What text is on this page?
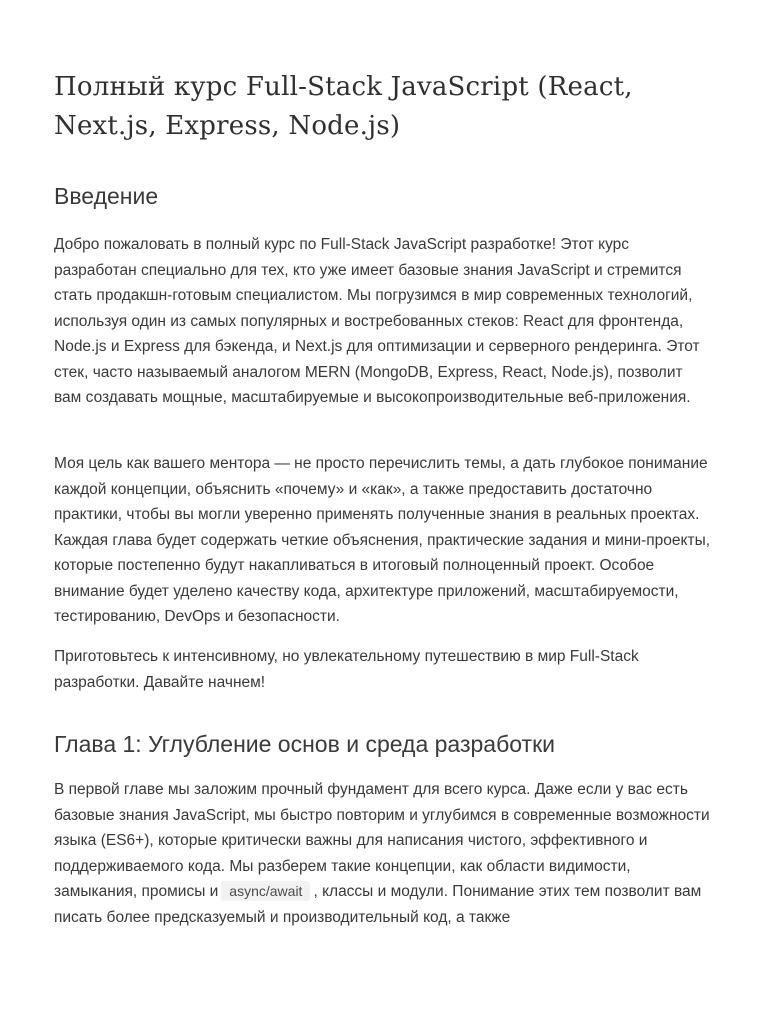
Полный курс Full-Stack JavaScript (React, Next.js, Express, Node.js)
Введение

Добро пожаловать в полный курс по Full-Stack JavaScript разработке! Этот курс разработан специально для тех, кто уже имеет базовые знания JavaScript и стремится стать продакшн-готовым специалистом. Мы погрузимся в мир современных технологий, используя один из самых популярных и востребованных стеков: React для фронтенда, Node.js и Express для бэкенда, и Next.js для оптимизации и серверного рендеринга. Этот стек, часто называемый аналогом MERN (MongoDB, Express, React, Node.js), позволит вам создавать мощные, масштабируемые и высокопроизводительные веб-приложения.

Моя цель как вашего ментора — не просто перечислить темы, а дать глубокое понимание каждой концепции, объяснить «почему» и «как», а также предоставить достаточно практики, чтобы вы могли уверенно применять полученные знания в реальных проектах. Каждая глава будет содержать четкие объяснения, практические задания и мини-проекты, которые постепенно будут накапливаться в итоговый полноценный проект. Особое внимание будет уделено качеству кода, архитектуре приложений, масштабируемости, тестированию, DevOps и безопасности.

Приготовьтесь к интенсивному, но увлекательному путешествию в мир Full-Stack разработки. Давайте начнем!

Глава 1: Углубление основ и среда разработки

В первой главе мы заложим прочный фундамент для всего курса. Даже если у вас есть базовые знания JavaScript, мы быстро повторим и углубимся в современные возможности языка (ES6+), которые критически важны для написания чистого, эффективного и поддерживаемого кода. Мы разберем такие концепции, как области видимости, замыкания, промисы и async/await , классы и модули. Понимание этих тем позволит вам писать более предсказуемый и производительный код, а также
